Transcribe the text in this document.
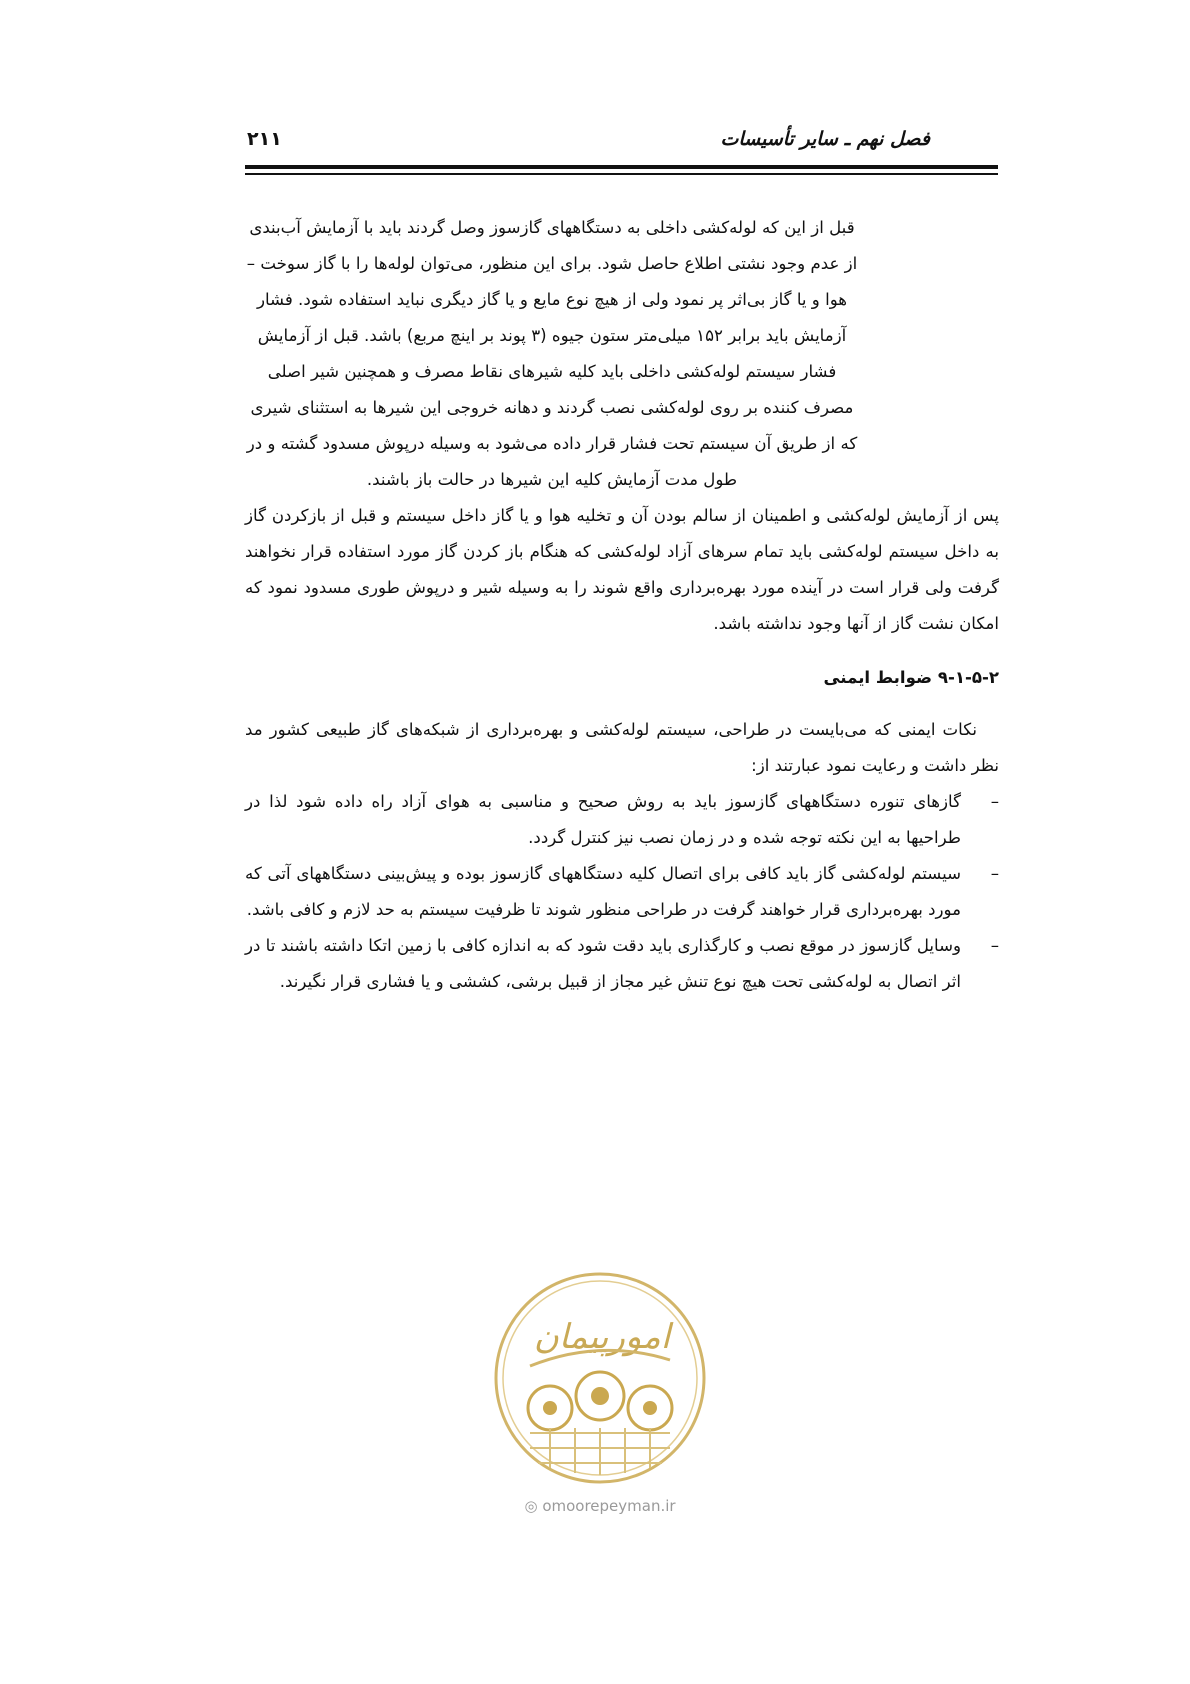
فصل نهم ـ سایر تأسیسات
۲۱۱

قبل از این که لوله‌کشی داخلی به دستگاههای گازسوز وصل گردند باید با آزمایش آب‌بندی از عدم وجود نشتی اطلاع حاصل شود. برای این منظور، می‌توان لوله‌ها را با گاز سوخت – هوا و یا گاز بی‌اثر پر نمود ولی از هیچ نوع مایع و یا گاز دیگری نباید استفاده شود. فشار آزمایش باید برابر ۱۵۲ میلی‌متر ستون جیوه (۳ پوند بر اینچ مربع) باشد. قبل از آزمایش فشار سیستم لوله‌کشی داخلی باید کلیه شیرهای نقاط مصرف و همچنین شیر اصلی مصرف کننده بر روی لوله‌کشی نصب گردند و دهانه خروجی این شیرها به استثنای شیری که از طریق آن سیستم تحت فشار قرار داده می‌شود به وسیله درپوش مسدود گشته و در طول مدت آزمایش کلیه این شیرها در حالت باز باشند.

پس از آزمایش لوله‌کشی و اطمینان از سالم بودن آن و تخلیه هوا و یا گاز داخل سیستم و قبل از بازکردن گاز به داخل سیستم لوله‌کشی باید تمام سرهای آزاد لوله‌کشی که هنگام باز کردن گاز مورد استفاده قرار نخواهند گرفت ولی قرار است در آینده مورد بهره‌برداری واقع شوند را به وسیله شیر و درپوش طوری مسدود نمود که امکان نشت گاز از آنها وجود نداشته باشد.

۹-۱-۵-۲ ضوابط ایمنی

نکات ایمنی که می‌بایست در طراحی، سیستم لوله‌کشی و بهره‌برداری از شبکه‌های گاز طبیعی کشور مد نظر داشت و رعایت نمود عبارتند از:

–
گازهای تنوره دستگاههای گازسوز باید به روش صحیح و مناسبی به هوای آزاد راه داده شود لذا در طراحیها به این نکته توجه شده و در زمان نصب نیز کنترل گردد.
–
سیستم لوله‌کشی گاز باید کافی برای اتصال کلیه دستگاههای گازسوز بوده و پیش‌بینی دستگاههای آتی که مورد بهره‌برداری قرار خواهند گرفت در طراحی منظور شوند تا ظرفیت سیستم به حد لازم و کافی باشد.
–
وسایل گازسوز در موقع نصب و کارگذاری باید دقت شود که به اندازه کافی با زمین اتکا داشته باشند تا در اثر اتصال به لوله‌کشی تحت هیچ نوع تنش غیر مجاز از قبیل برشی، کششی و یا فشاری قرار نگیرند.
امورپیمان
◎ omoorepeyman.ir
